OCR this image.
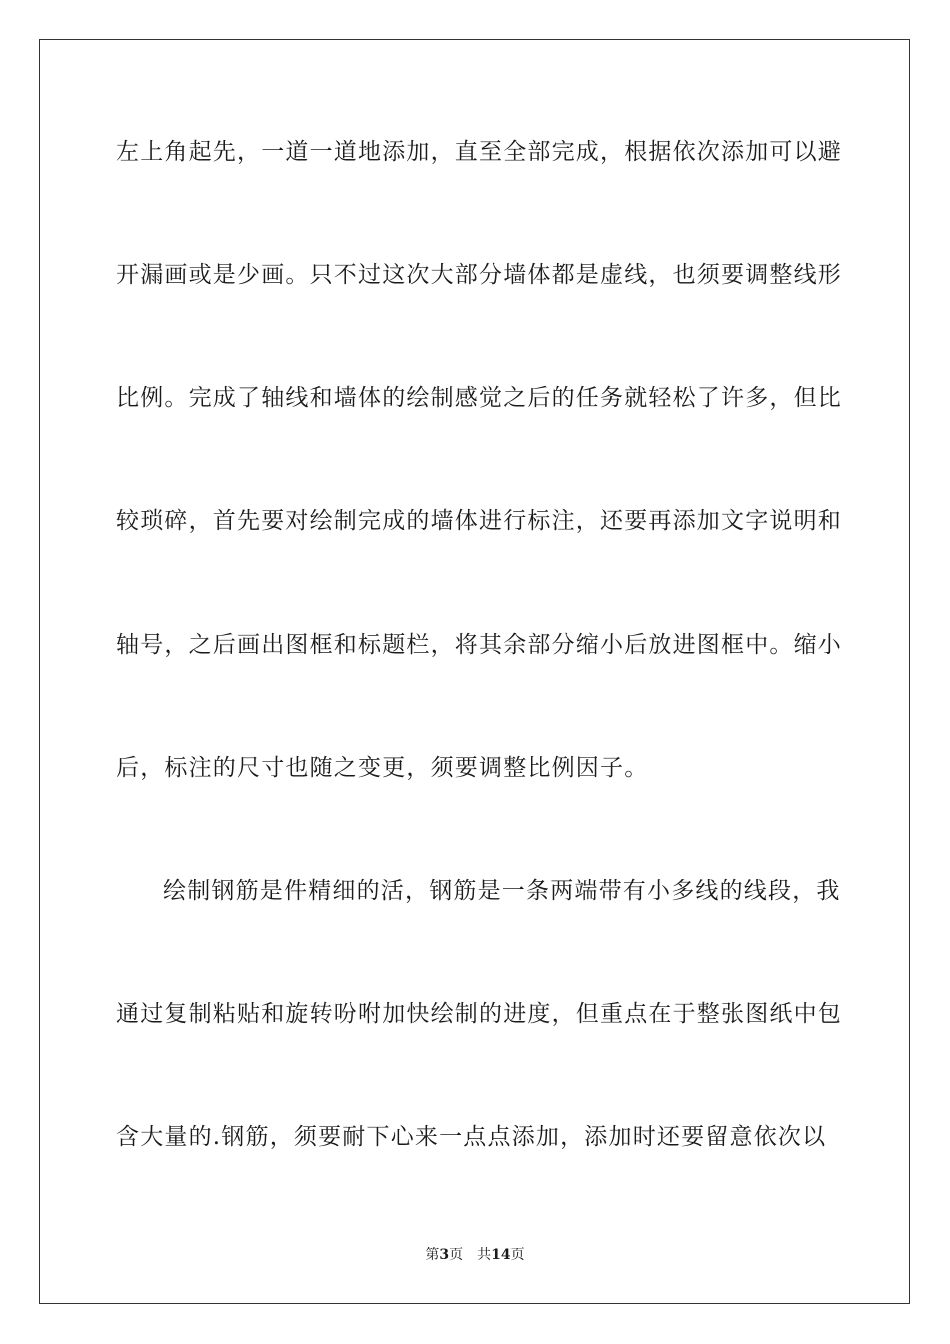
左上角起先，一道一道地添加，直至全部完成，根据依次添加可以避
开漏画或是少画。只不过这次大部分墙体都是虚线，也须要调整线形
比例。完成了轴线和墙体的绘制感觉之后的任务就轻松了许多，但比
较琐碎，首先要对绘制完成的墙体进行标注，还要再添加文字说明和
轴号，之后画出图框和标题栏，将其余部分缩小后放进图框中。缩小
后，标注的尺寸也随之变更，须要调整比例因子。
绘制钢筋是件精细的活，钢筋是一条两端带有小多线的线段，我
通过复制粘贴和旋转吩咐加快绘制的进度，但重点在于整张图纸中包
含大量的.钢筋，须要耐下心来一点点添加，添加时还要留意依次以
第3页 共14页
